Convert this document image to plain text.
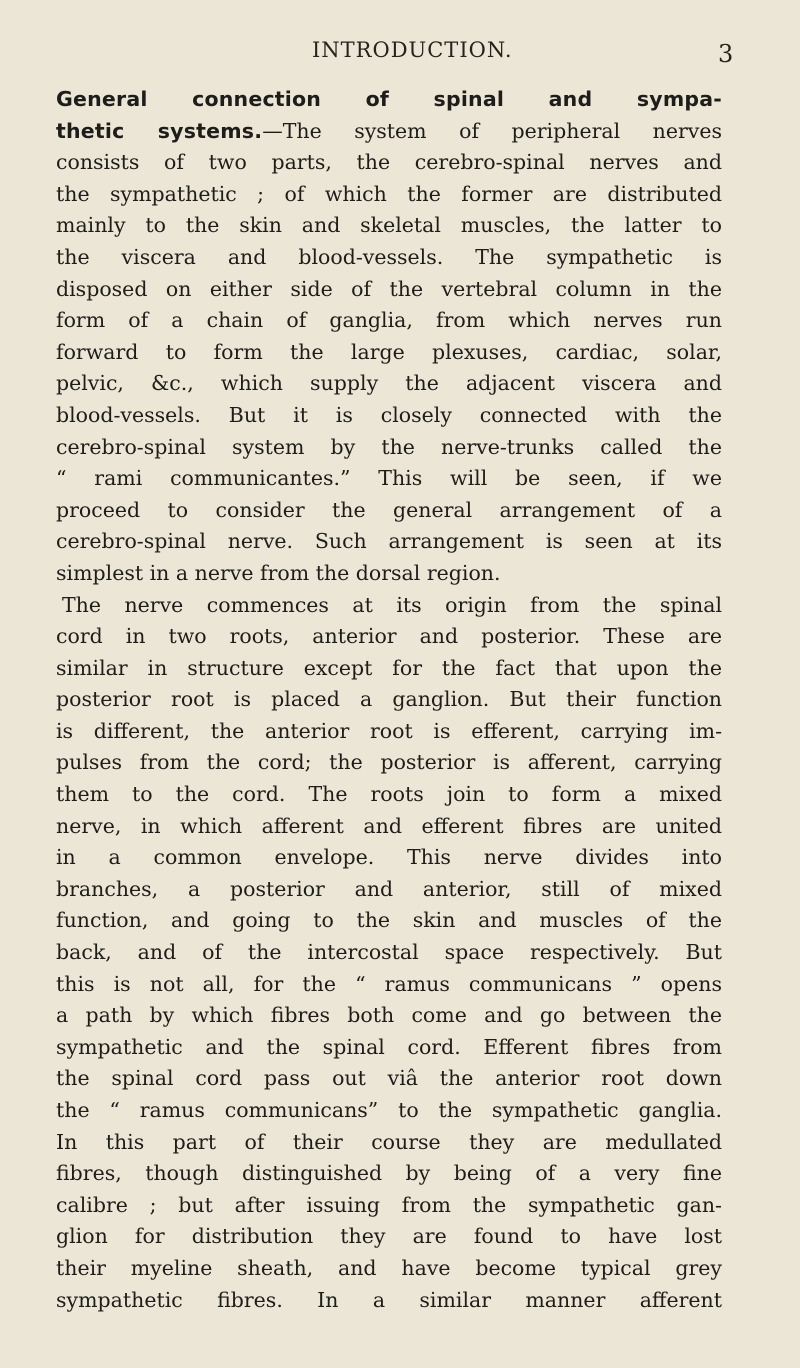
INTRODUCTION.	3
General connection of spinal and sympa-
thetic systems.—The system of peripheral nerves
consists of two parts, the cerebro-spinal nerves and
the sympathetic ; of which the former are distributed
mainly to the skin and skeletal muscles, the latter to
the viscera and blood-vessels. The sympathetic is
disposed on either side of the vertebral column in the
form of a chain of ganglia, from which nerves run
forward to form the large plexuses, cardiac, solar,
pelvic, &c., which supply the adjacent viscera and
blood-vessels. But it is closely connected with the
cerebro-spinal system by the nerve-trunks called the
“ rami communicantes.” This will be seen, if we
proceed to consider the general arrangement of a
cerebro-spinal nerve. Such arrangement is seen at its
simplest in a nerve from the dorsal region.
The nerve commences at its origin from the spinal
cord in two roots, anterior and posterior. These are
similar in structure except for the fact that upon the
posterior root is placed a ganglion. But their function
is different, the anterior root is efferent, carrying im-
pulses from the cord; the posterior is afferent, carrying
them to the cord. The roots join to form a mixed
nerve, in which afferent and efferent fibres are united
in a common envelope. This nerve divides into
branches, a posterior and anterior, still of mixed
function, and going to the skin and muscles of the
back, and of the intercostal space respectively. But
this is not all, for the “ ramus communicans ” opens
a path by which fibres both come and go between the
sympathetic and the spinal cord. Efferent fibres from
the spinal cord pass out viâ the anterior root down
the “ ramus communicans” to the sympathetic ganglia.
In this part of their course they are medullated
fibres, though distinguished by being of a very fine
calibre ; but after issuing from the sympathetic gan-
glion for distribution they are found to have lost
their myeline sheath, and have become typical grey
sympathetic fibres. In a similar manner afferent
